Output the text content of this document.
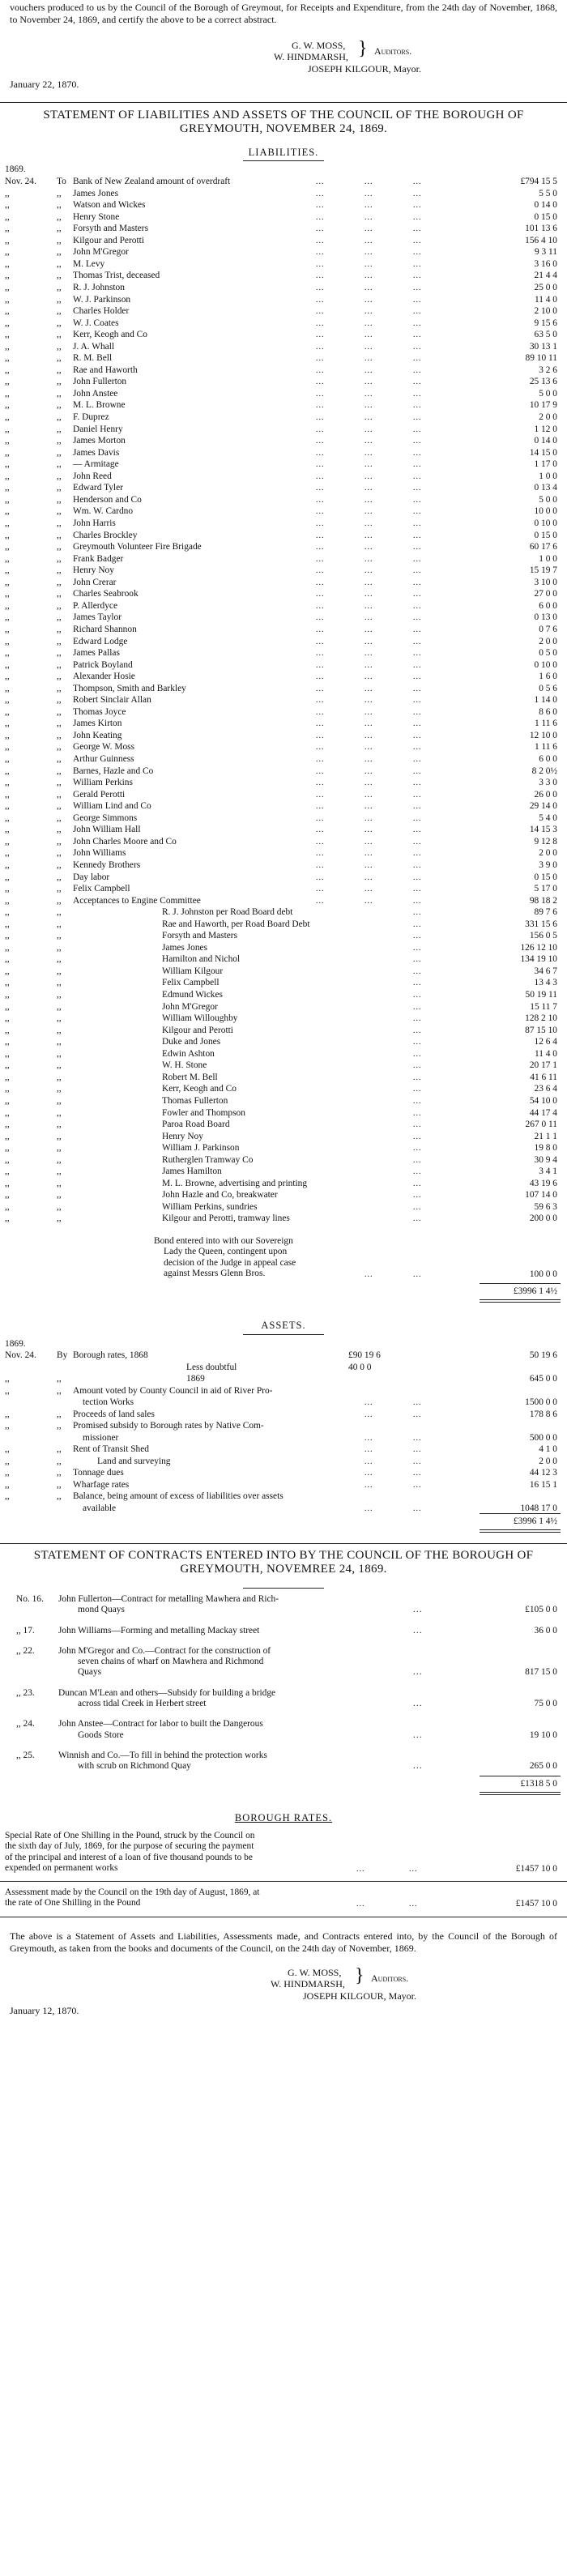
vouchers produced to us by the Council of the Borough of Greymout, for Receipts and Expenditure, from the 24th day of November, 1868, to November 24, 1869, and certify the above to be a correct abstract.

G. W. MOSS,
W. HINDMARSH, } Auditors.
JOSEPH KILGOUR, Mayor.
January 22, 1870.

STATEMENT OF LIABILITIES AND ASSETS OF THE COUNCIL OF THE BOROUGH OF GREYMOUTH, NOVEMBER 24, 1869.

LIABILITIES.
1869.
Nov. 24. To Bank of New Zealand amount of overdraft	...	...	...	£794 15 5
,,	,, James Jones	...	...	...	5 5 0
,,	,, Watson and Wickes	...	...	...	0 14 0
,,	,, Henry Stone	...	...	...	0 15 0
,,	,, Forsyth and Masters	...	...	...	101 13 6
,,	,, Kilgour and Perotti	...	...	...	156 4 10
,,	,, John M'Gregor	...	...	...	9 3 11
,,	,, M. Levy	...	...	...	3 16 0
,,	,, Thomas Trist, deceased	...	...	...	21 4 4
,,	,, R. J. Johnston	...	...	...	25 0 0
,,	,, W. J. Parkinson	...	...	...	11 4 0
,,	,, Charles Holder	...	...	...	2 10 0
,,	,, W. J. Coates	...	...	...	9 15 6
,,	,, Kerr, Keogh and Co	...	...	...	63 5 0
,,	,, J. A. Whall	...	...	...	30 13 1
,,	,, R. M. Bell	...	...	...	89 10 11
,,	,, Rae and Haworth	...	...	...	3 2 6
,,	,, John Fullerton	...	...	...	25 13 6
,,	,, John Anstee	...	...	...	5 0 0
,,	,, M. L. Browne	...	...	...	10 17 9
,,	,, F. Duprez	...	...	...	2 0 0
,,	,, Daniel Henry	...	...	...	1 12 0
,,	,, James Morton	...	...	...	0 14 0
,,	,, James Davis	...	...	...	14 15 0
,,	,, — Armitage	...	...	...	1 17 0
,,	,, John Reed	...	...	...	1 0 0
,,	,, Edward Tyler	...	...	...	0 13 4
,,	,, Henderson and Co	...	...	...	5 0 0
,,	,, Wm. W. Cardno	...	...	...	10 0 0
,,	,, John Harris	...	...	...	0 10 0
,,	,, Charles Brockley	...	...	...	0 15 0
,,	,, Greymouth Volunteer Fire Brigade	...	...	...	60 17 6
,,	,, Frank Badger	...	...	...	1 0 0
,,	,, Henry Noy	...	...	...	15 19 7
,,	,, John Crerar	...	...	...	3 10 0
,,	,, Charles Seabrook	...	...	...	27 0 0
,,	,, P. Allerdyce	...	...	...	6 0 0
,,	,, James Taylor	...	...	...	0 13 0
,,	,, Richard Shannon	...	...	...	0 7 6
,,	,, Edward Lodge	...	...	...	2 0 0
,,	,, James Pallas	...	...	...	0 5 0
,,	,, Patrick Boyland	...	...	...	0 10 0
,,	,, Alexander Hosie	...	...	...	1 6 0
,,	,, Thompson, Smith and Barkley	...	...	...	0 5 6
,,	,, Robert Sinclair Allan	...	...	...	1 14 0
,,	,, Thomas Joyce	...	...	...	8 6 0
,,	,, James Kirton	...	...	...	1 11 6
,,	,, John Keating	...	...	...	12 10 0
,,	,, George W. Moss	...	...	...	1 11 6
,,	,, Arthur Guinness	...	...	...	6 0 0
,,	,, Barnes, Hazle and Co	...	...	...	8 2 0½
,,	,, William Perkins	...	...	...	3 3 0
,,	,, Gerald Perotti	...	...	...	26 0 0
,,	,, William Lind and Co	...	...	...	29 14 0
,,	,, George Simmons	...	...	...	5 4 0
,,	,, John William Hall	...	...	...	14 15 3
,,	,, John Charles Moore and Co	...	...	...	9 12 8
,,	,, John Williams	...	...	...	2 0 0
,,	,, Kennedy Brothers	...	...	...	3 9 0
,,	,, Day labor	...	...	...	0 15 0
,,	,, Felix Campbell	...	...	...	5 17 0
,,	,, Acceptances to Engine Committee	...	...	...	98 18 2
,,	,,	R. J. Johnston per Road Board debt	...	89 7 6
,,	,,	Rae and Haworth, per Road Board Debt	...	331 15 6
,,	,,	Forsyth and Masters	...	156 0 5
,,	,,	James Jones	...	126 12 10
,,	,,	Hamilton and Nichol	...	134 19 10
,,	,,	William Kilgour	...	34 6 7
,,	,,	Felix Campbell	...	13 4 3
,,	,,	Edmund Wickes	...	50 19 11
,,	,,	John M'Gregor	...	15 11 7
,,	,,	William Willoughby	...	128 2 10
,,	,,	Kilgour and Perotti	...	87 15 10
,,	,,	Duke and Jones	...	12 6 4
,,	,,	Edwin Ashton	...	11 4 0
,,	,,	W. H. Stone	...	20 17 1
,,	,,	Robert M. Bell	...	41 6 11
,,	,,	Kerr, Keogh and Co	...	23 6 4
,,	,,	Thomas Fullerton	...	54 10 0
,,	,,	Fowler and Thompson	...	44 17 4
,,	,,	Paroa Road Board	...	267 0 11
,,	,,	Henry Noy	...	21 1 1
,,	,,	William J. Parkinson	...	19 8 0
,,	,,	Rutherglen Tramway Co	...	30 9 4
,,	,,	James Hamilton	...	3 4 1
,,	,,	M. L. Browne, advertising and printing	...	43 19 6
,,	,,	John Hazle and Co, breakwater	...	107 14 0
,,	,,	William Perkins, sundries	...	59 6 3
,,	,,	Kilgour and Perotti, tramway lines	...	200 0 0
Bond entered into with our Sovereign
Lady the Queen, contingent upon
decision of the Judge in appeal case
against Messrs Glenn Bros.	...	...	100 0 0
£3996 1 4½
ASSETS.
1869.
Nov. 24. By Borough rates, 1868	£90 19 6	50 19 6
Less doubtful	40 0 0
,,	,,	1869	645 0 0
,,	,, Amount voted by County Council in aid of River Pro-
tection Works	...	...	1500 0 0
,,	,, Proceeds of land sales	...	...	178 8 6
,,	,, Promised subsidy to Borough rates by Native Com-
missioner	...	...	500 0 0
,,	,, Rent of Transit Shed	...	...	4 1 0
,,	,,	Land and surveying	...	...	2 0 0
,,	,, Tonnage dues	...	...	44 12 3
,,	,, Wharfage rates	...	...	16 15 1
,,	,, Balance, being amount of excess of liabilities over assets
available	...	...	1048 17 0
£3996 1 4½

STATEMENT OF CONTRACTS ENTERED INTO BY THE COUNCIL OF THE BOROUGH OF GREYMOUTH, NOVEMREE 24, 1869.

No. 16. John Fullerton—Contract for metalling Mawhera and Rich-
mond Quays	£105 0 0
...
,, 17.	John Williams—Forming and metalling Mackay street	36 0 0
...
,, 22.	John M'Gregor and Co.—Contract for the construction of
seven chains of wharf on Mawhera and Richmond
Quays	817 15 0
...
,, 23.	Duncan M'Lean and others—Subsidy for building a bridge
across tidal Creek in Herbert street	75 0 0
...
,, 24.	John Anstee—Contract for labor to built the Dangerous
Goods Store	19 10 0
...
,, 25.	Winnish and Co.—To fill in behind the protection works
with scrub on Richmond Quay	265 0 0
...
£1318 5 0
BOROUGH RATES.
Special Rate of One Shilling in the Pound, struck by the Council on
the sixth day of July, 1869, for the purpose of securing the payment
of the principal and interest of a loan of five thousand pounds to be
expended on permanent works	...	...	£1457 10 0
Assessment made by the Council on the 19th day of August, 1869, at
the rate of One Shilling in the Pound	...	...	£1457 10 0

The above is a Statement of Assets and Liabilities, Assessments made, and Contracts entered into, by the Council of the Borough of Greymouth, as taken from the books and documents of the Council, on the 24th day of November, 1869.

G. W. MOSS,
W. HINDMARSH, } Auditors.
JOSEPH KILGOUR, Mayor.
January 12, 1870.
